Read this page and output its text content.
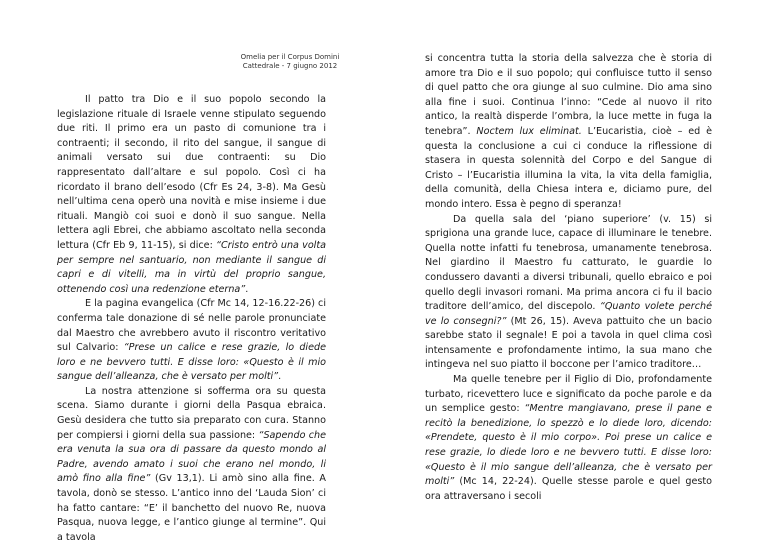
Omelia per il Corpus Domini
Cattedrale - 7 giugno 2012

Il patto tra Dio e il suo popolo secondo la legislazione rituale di Israele venne stipulato seguendo due riti. Il primo era un pasto di comunione tra i contraenti; il secondo, il rito del sangue, il sangue di animali versato sui due contraenti: su Dio rappresentato dall’altare e sul popolo. Così ci ha ricordato il brano dell’esodo (Cfr Es 24, 3-8). Ma Gesù nell’ultima cena operò una novità e mise insieme i due rituali. Mangiò coi suoi e donò il suo sangue. Nella lettera agli Ebrei, che abbiamo ascoltato nella seconda lettura (Cfr Eb 9, 11-15), si dice: “Cristo entrò una volta per sempre nel santuario, non mediante il sangue di capri e di vitelli, ma in virtù del proprio sangue, ottenendo così una redenzione eterna”.

E la pagina evangelica (Cfr Mc 14, 12-16.22-26) ci conferma tale donazione di sé nelle parole pronunciate dal Maestro che avrebbero avuto il riscontro veritativo sul Calvario: “Prese un calice e rese grazie, lo diede loro e ne bevvero tutti. E disse loro: «Questo è il mio sangue dell’alleanza, che è versato per molti”.

La nostra attenzione si sofferma ora su questa scena. Siamo durante i giorni della Pasqua ebraica. Gesù desidera che tutto sia preparato con cura. Stanno per compiersi i giorni della sua passione: “Sapendo che era venuta la sua ora di passare da questo mondo al Padre, avendo amato i suoi che erano nel mondo, li amò fino alla fine” (Gv 13,1). Li amò sino alla fine. A tavola, donò se stesso. L’antico inno del ‘Lauda Sion’ ci ha fatto cantare: “E’ il banchetto del nuovo Re, nuova Pasqua, nuova legge, e l’antico giunge al termine”. Qui a tavola

si concentra tutta la storia della salvezza che è storia di amore tra Dio e il suo popolo; qui confluisce tutto il senso di quel patto che ora giunge al suo culmine. Dio ama sino alla fine i suoi. Continua l’inno: “Cede al nuovo il rito antico, la realtà disperde l’ombra, la luce mette in fuga la tenebra”. Noctem lux eliminat. L’Eucaristia, cioè – ed è questa la conclusione a cui ci conduce la riflessione di stasera in questa solennità del Corpo e del Sangue di Cristo – l’Eucaristia illumina la vita, la vita della famiglia, della comunità, della Chiesa intera e, diciamo pure, del mondo intero. Essa è pegno di speranza!

Da quella sala del ‘piano superiore’ (v. 15) si sprigiona una grande luce, capace di illuminare le tenebre. Quella notte infatti fu tenebrosa, umanamente tenebrosa. Nel giardino il Maestro fu catturato, le guardie lo condussero davanti a diversi tribunali, quello ebraico e poi quello degli invasori romani. Ma prima ancora ci fu il bacio traditore dell’amico, del discepolo. “Quanto volete perché ve lo consegni?” (Mt 26, 15). Aveva pattuito che un bacio sarebbe stato il segnale! E poi a tavola in quel clima così intensamente e profondamente intimo, la sua mano che intingeva nel suo piatto il boccone per l’amico traditore…

Ma quelle tenebre per il Figlio di Dio, profondamente turbato, ricevettero luce e significato da poche parole e da un semplice gesto: “Mentre mangiavano, prese il pane e recitò la benedizione, lo spezzò e lo diede loro, dicendo: «Prendete, questo è il mio corpo». Poi prese un calice e rese grazie, lo diede loro e ne bevvero tutti. E disse loro: «Questo è il mio sangue dell’alleanza, che è versato per molti” (Mc 14, 22-24). Quelle stesse parole e quel gesto ora attraversano i secoli
